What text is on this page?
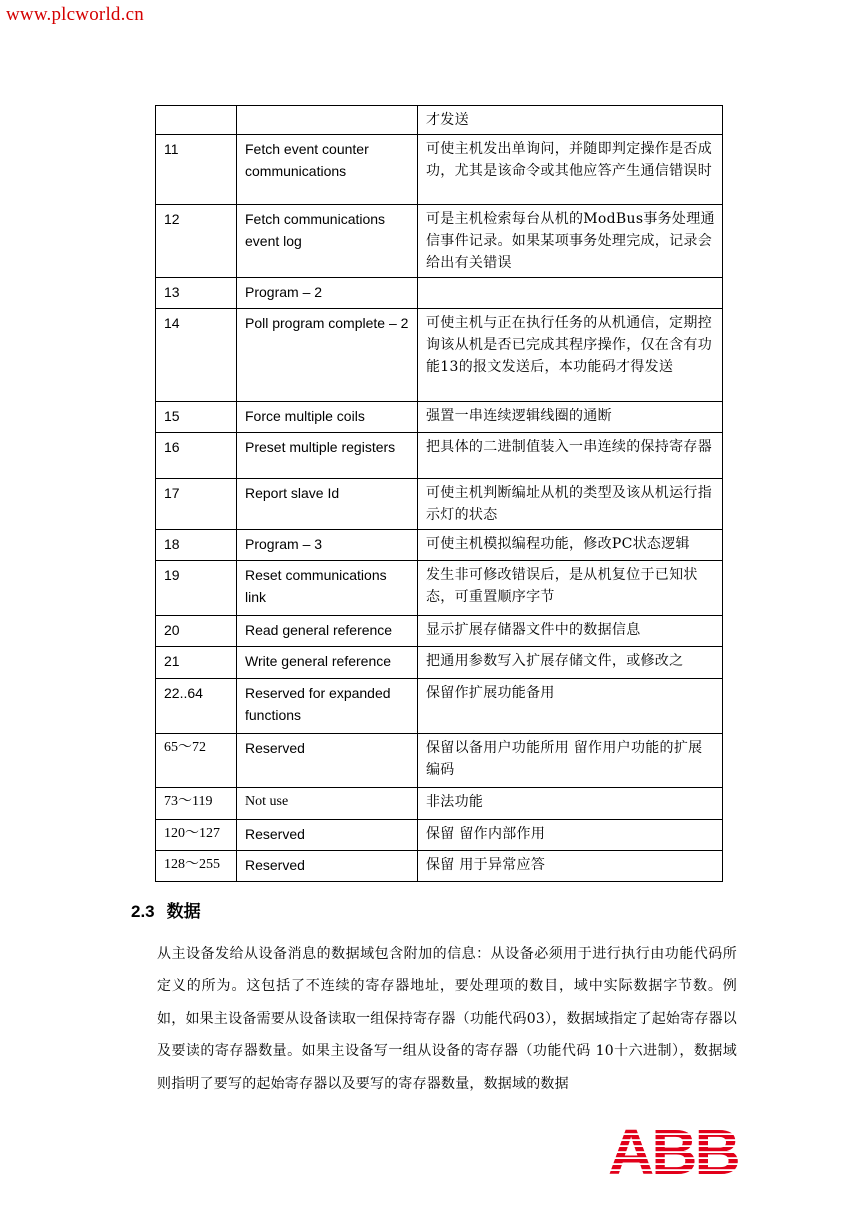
www.plcworld.cn
		才发送
11	Fetch event counter communications	可使主机发出单询问，并随即判定操作是否成功，尤其是该命令或其他应答产生通信错误时
12	Fetch communications event log	可是主机检索每台从机的ModBus事务处理通信事件记录。如果某项事务处理完成，记录会给出有关错误
13	Program – 2	
14	Poll program complete – 2	可使主机与正在执行任务的从机通信，定期控询该从机是否已完成其程序操作，仅在含有功能13的报文发送后，本功能码才得发送
15	Force multiple coils	强置一串连续逻辑线圈的通断
16	Preset multiple registers	把具体的二进制值装入一串连续的保持寄存器
17	Report slave Id	可使主机判断编址从机的类型及该从机运行指示灯的状态
18	Program – 3	可使主机模拟编程功能，修改PC状态逻辑
19	Reset communications link	发生非可修改错误后，是从机复位于已知状态，可重置顺序字节
20	Read general reference	显示扩展存储器文件中的数据信息
21	Write general reference	把通用参数写入扩展存储文件，或修改之
22..64	Reserved for expanded functions	保留作扩展功能备用
65～72	Reserved	保留以备用户功能所用 留作用户功能的扩展编码
73～119	Not use	非法功能
120～127	Reserved	保留 留作内部作用
128～255	Reserved	保留 用于异常应答
2.3 数据
从主设备发给从设备消息的数据域包含附加的信息：从设备必须用于进行执行由功能代码所定义的所为。这包括了不连续的寄存器地址，要处理项的数目，域中实际数据字节数。例如，如果主设备需要从设备读取一组保持寄存器（功能代码03），数据域指定了起始寄存器以及要读的寄存器数量。如果主设备写一组从设备的寄存器（功能代码 10十六进制），数据域则指明了要写的起始寄存器以及要写的寄存器数量，数据域的数据
ABB
